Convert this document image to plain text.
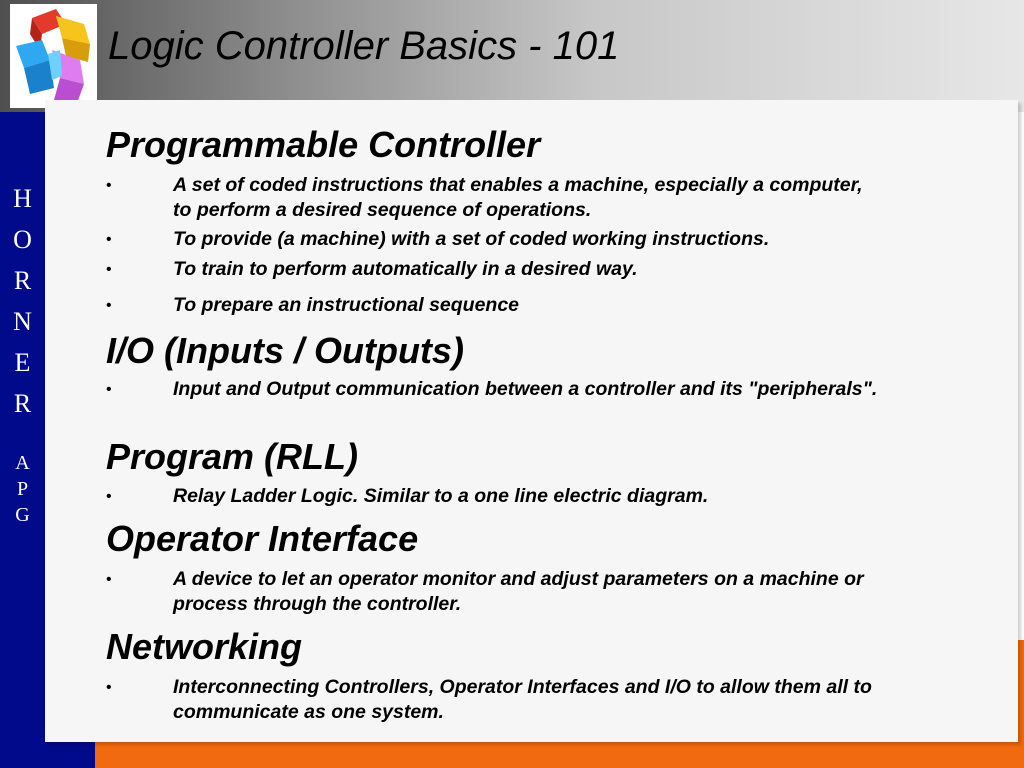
Logic Controller Basics - 101
H
O
R
N
E
R
A
P
G
Programmable Controller
•	A set of coded instructions that enables a machine, especially a computer, to perform a desired sequence of operations.
•	To provide (a machine) with a set of coded working instructions.
•	To train to perform automatically in a desired way.
•	To prepare an instructional sequence
I/O (Inputs / Outputs)
•	Input and Output communication between a controller and its "peripherals".
Program (RLL)
•	Relay Ladder Logic. Similar to a one line electric diagram.
Operator Interface
•	A device to let an operator monitor and adjust parameters on a machine or process through the controller.
Networking
•	Interconnecting Controllers, Operator Interfaces and I/O to allow them all to communicate as one system.
